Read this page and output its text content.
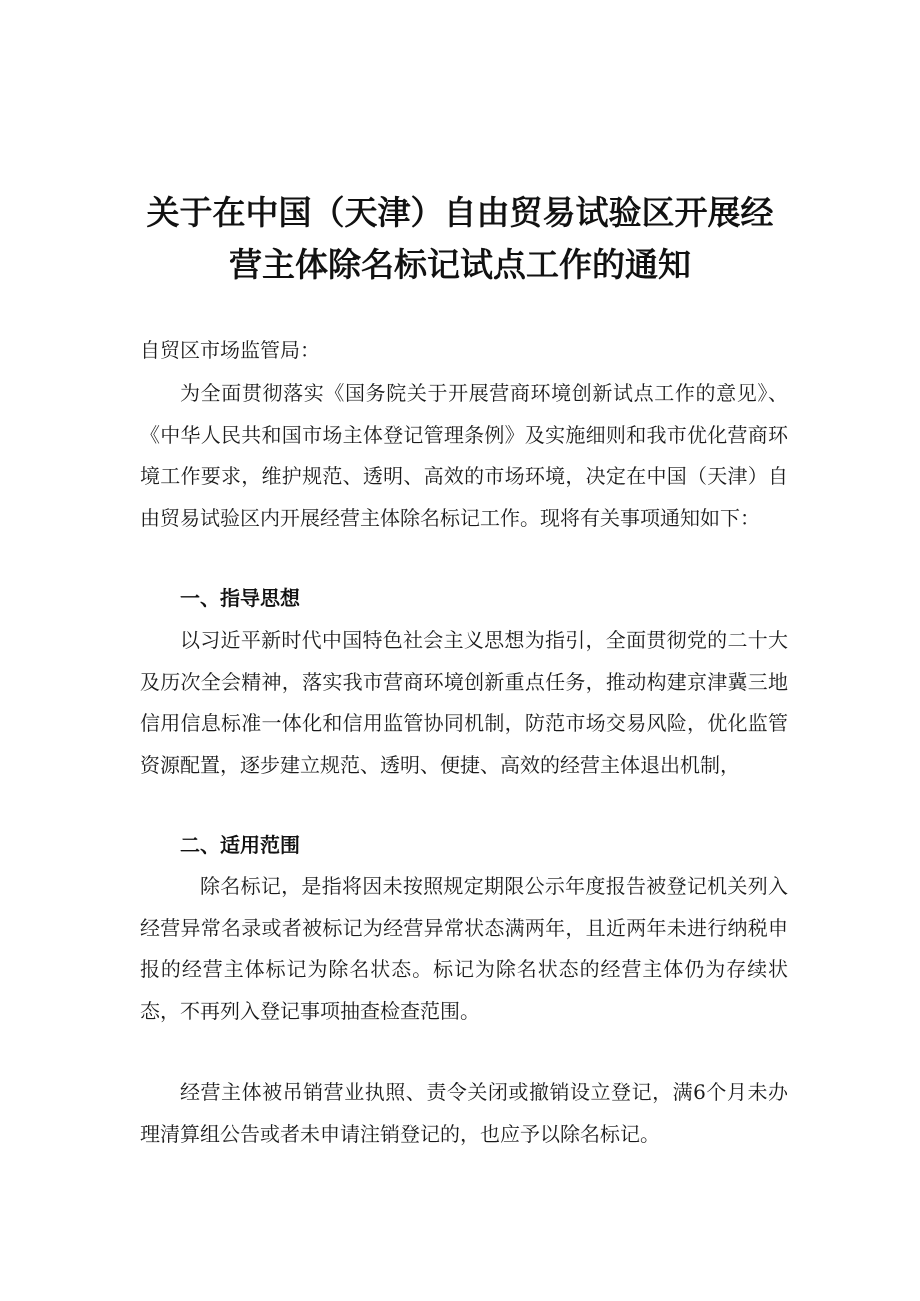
关于在中国（天津）自由贸易试验区开展经
营主体除名标记试点工作的通知
自贸区市场监管局：
为全面贯彻落实《国务院关于开展营商环境创新试点工作的意见》、《中华人民共和国市场主体登记管理条例》及实施细则和我市优化营商环境工作要求，维护规范、透明、高效的市场环境，决定在中国（天津）自由贸易试验区内开展经营主体除名标记工作。现将有关事项通知如下：
一、指导思想
以习近平新时代中国特色社会主义思想为指引，全面贯彻党的二十大及历次全会精神，落实我市营商环境创新重点任务，推动构建京津冀三地信用信息标准一体化和信用监管协同机制，防范市场交易风险，优化监管资源配置，逐步建立规范、透明、便捷、高效的经营主体退出机制，
二、适用范围
除名标记，是指将因未按照规定期限公示年度报告被登记机关列入经营异常名录或者被标记为经营异常状态满两年，且近两年未进行纳税申报的经营主体标记为除名状态。标记为除名状态的经营主体仍为存续状态，不再列入登记事项抽查检查范围。
经营主体被吊销营业执照、责令关闭或撤销设立登记，满6个月未办理清算组公告或者未申请注销登记的，也应予以除名标记。
